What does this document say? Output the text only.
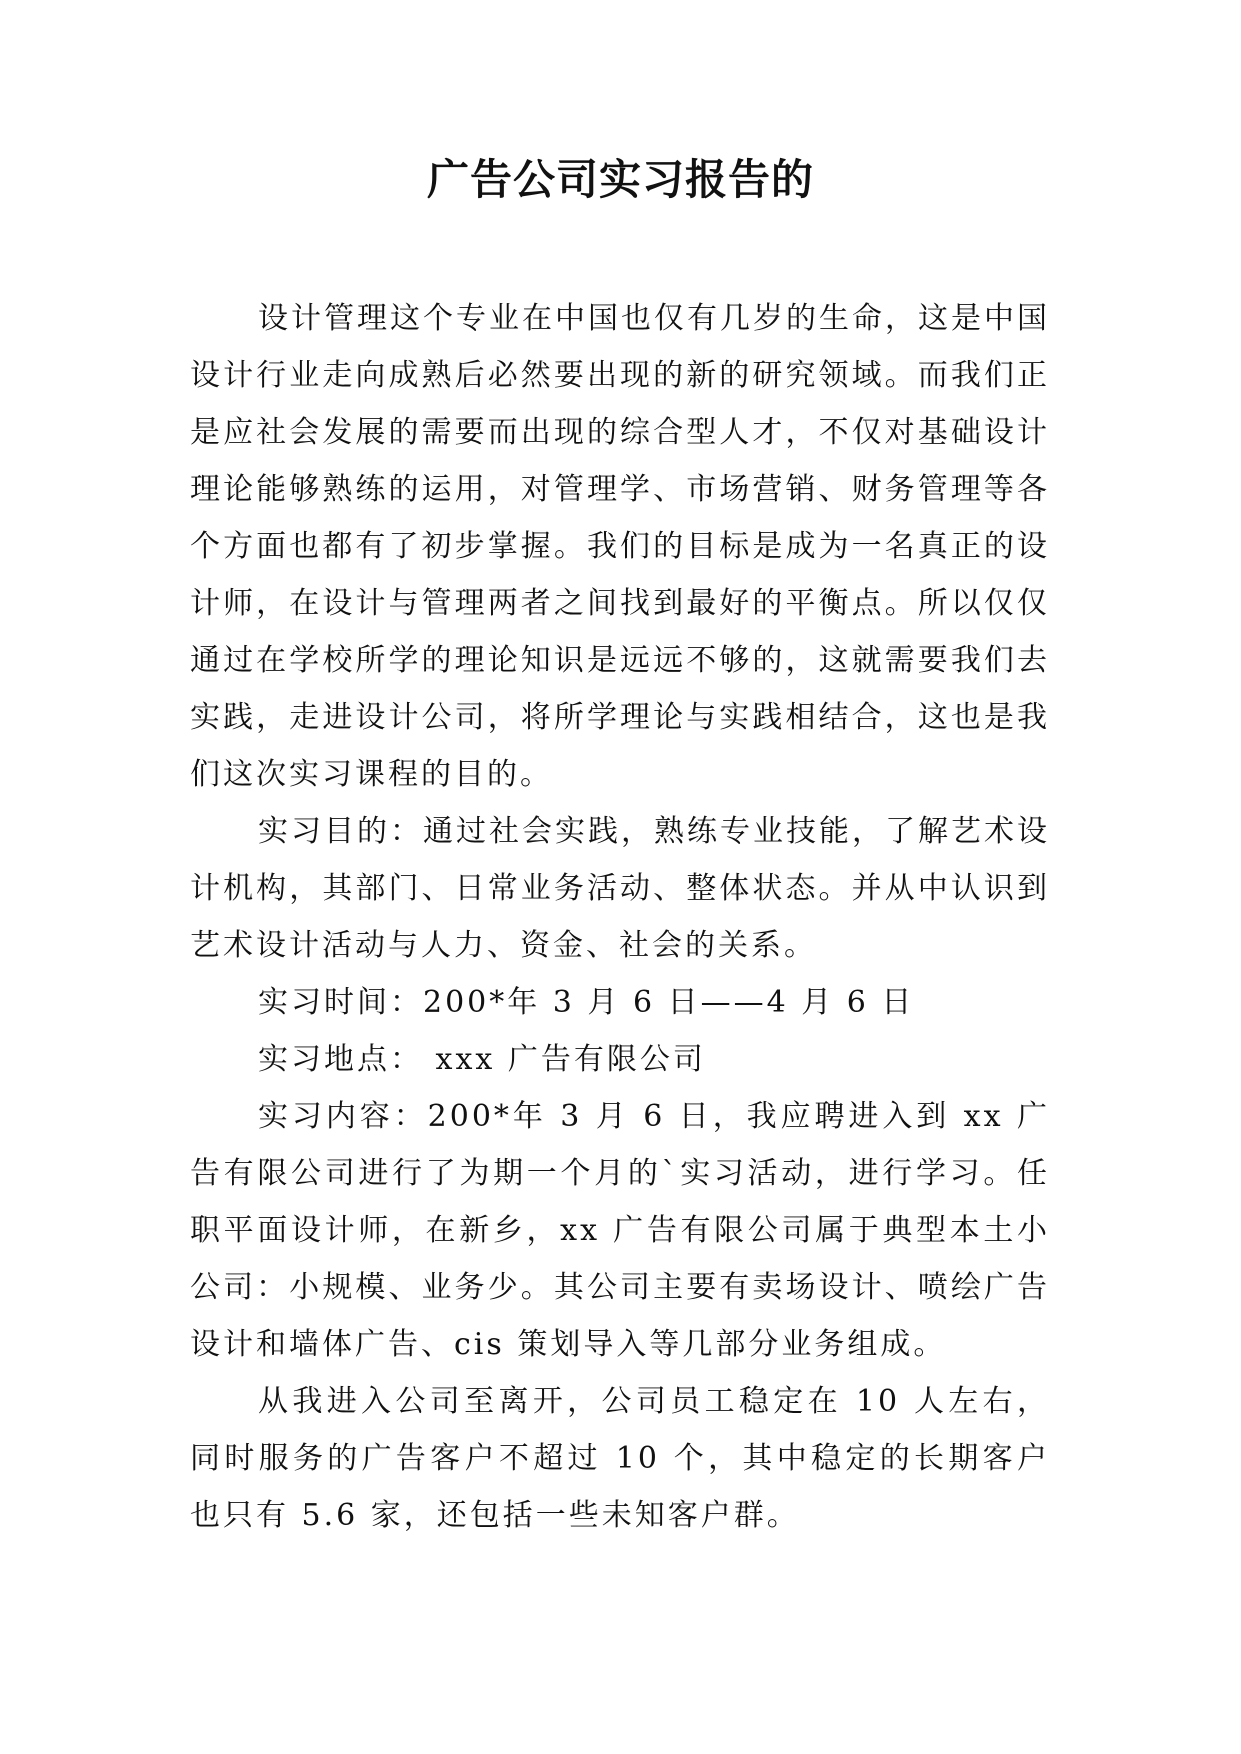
广告公司实习报告的

设计管理这个专业在中国也仅有几岁的生命，这是中国设计行业走向成熟后必然要出现的新的研究领域。而我们正是应社会发展的需要而出现的综合型人才，不仅对基础设计理论能够熟练的运用，对管理学、市场营销、财务管理等各个方面也都有了初步掌握。我们的目标是成为一名真正的设计师，在设计与管理两者之间找到最好的平衡点。所以仅仅通过在学校所学的理论知识是远远不够的，这就需要我们去实践，走进设计公司，将所学理论与实践相结合，这也是我们这次实习课程的目的。

实习目的：通过社会实践，熟练专业技能，了解艺术设计机构，其部门、日常业务活动、整体状态。并从中认识到艺术设计活动与人力、资金、社会的关系。

实习时间：200*年 3 月 6 日——4 月 6 日

实习地点： xxx 广告有限公司

实习内容：200*年 3 月 6 日，我应聘进入到 xx 广告有限公司进行了为期一个月的`实习活动，进行学习。任职平面设计师，在新乡，xx 广告有限公司属于典型本土小公司：小规模、业务少。其公司主要有卖场设计、喷绘广告设计和墙体广告、cis 策划导入等几部分业务组成。

从我进入公司至离开，公司员工稳定在 10 人左右，同时服务的广告客户不超过 10 个，其中稳定的长期客户也只有 5.6 家，还包括一些未知客户群。
